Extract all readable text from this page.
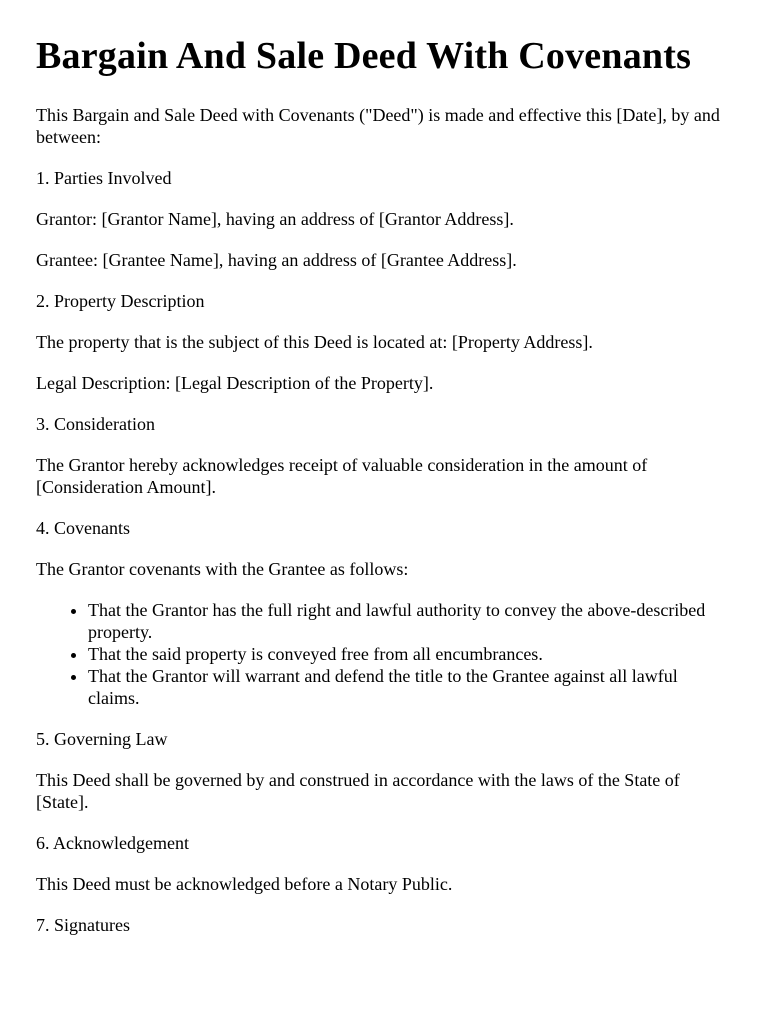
Bargain And Sale Deed With Covenants

This Bargain and Sale Deed with Covenants ("Deed") is made and effective this [Date], by and between:

1. Parties Involved

Grantor: [Grantor Name], having an address of [Grantor Address].

Grantee: [Grantee Name], having an address of [Grantee Address].

2. Property Description

The property that is the subject of this Deed is located at: [Property Address].

Legal Description: [Legal Description of the Property].

3. Consideration

The Grantor hereby acknowledges receipt of valuable consideration in the amount of [Consideration Amount].

4. Covenants

The Grantor covenants with the Grantee as follows:

• That the Grantor has the full right and lawful authority to convey the above-described property.
• That the said property is conveyed free from all encumbrances.
• That the Grantor will warrant and defend the title to the Grantee against all lawful claims.

5. Governing Law

This Deed shall be governed by and construed in accordance with the laws of the State of [State].

6. Acknowledgement

This Deed must be acknowledged before a Notary Public.

7. Signatures
